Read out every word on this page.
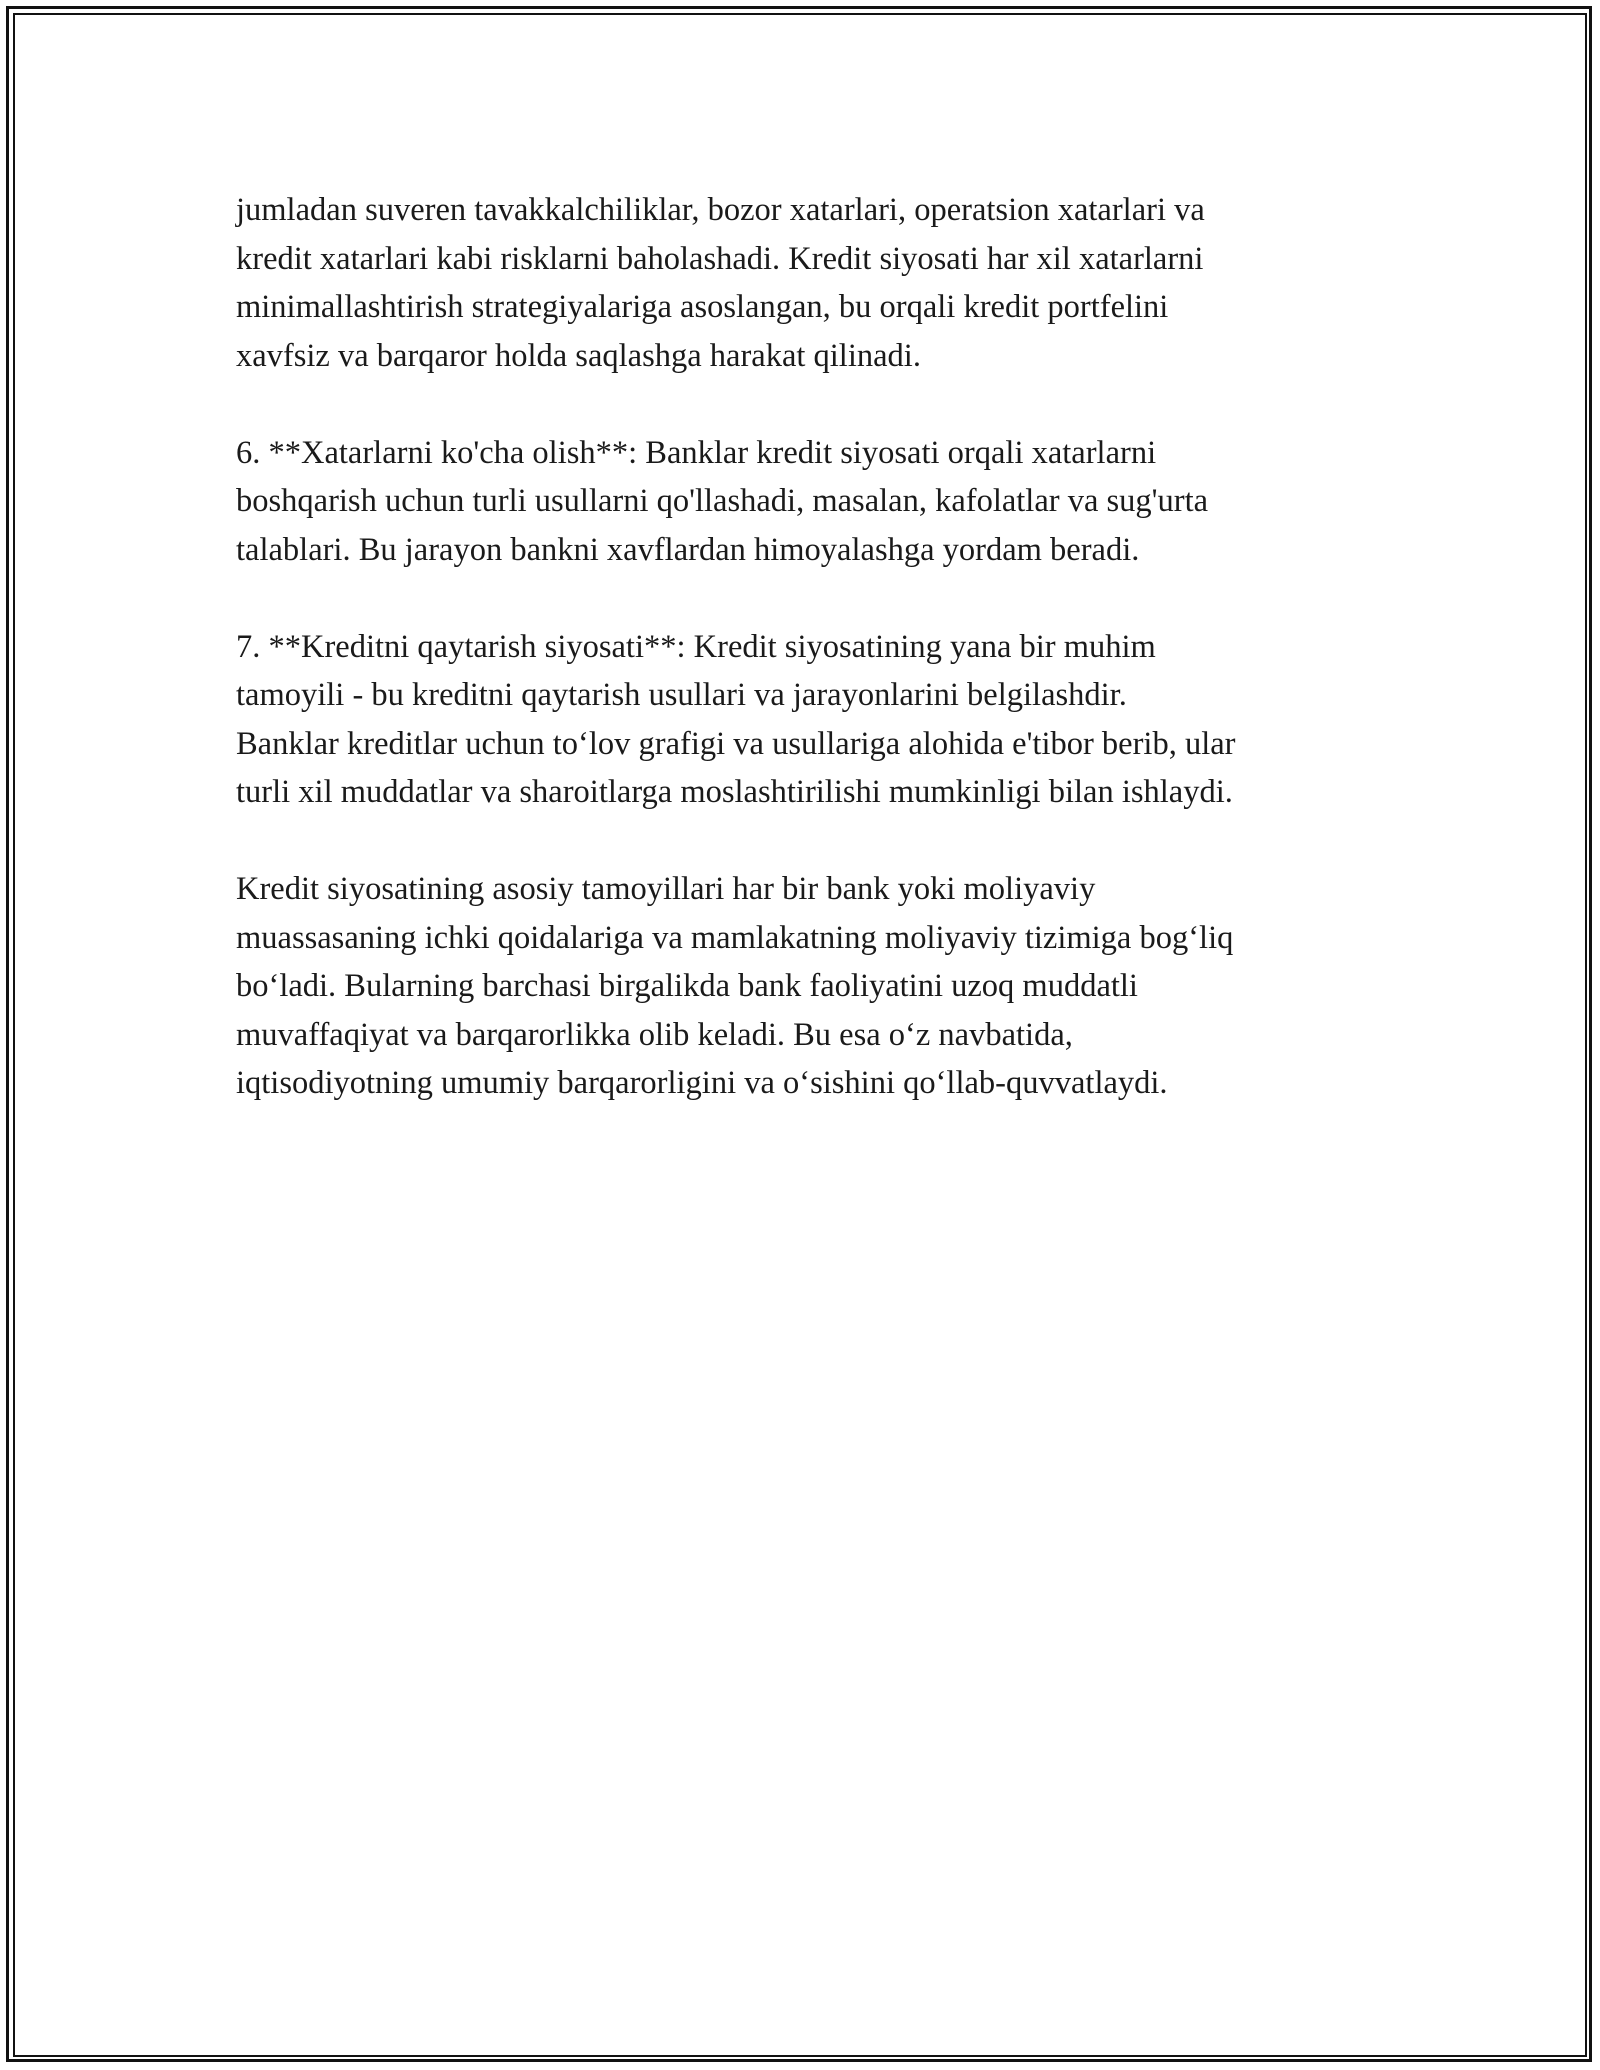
jumladan suveren tavakkalchiliklar, bozor xatarlari, operatsion xatarlari va
kredit xatarlari kabi risklarni baholashadi. Kredit siyosati har xil xatarlarni
minimallashtirish strategiyalariga asoslangan, bu orqali kredit portfelini
xavfsiz va barqaror holda saqlashga harakat qilinadi.

6. **Xatarlarni ko'cha olish**: Banklar kredit siyosati orqali xatarlarni
boshqarish uchun turli usullarni qo'llashadi, masalan, kafolatlar va sug'urta
talablari. Bu jarayon bankni xavflardan himoyalashga yordam beradi.

7. **Kreditni qaytarish siyosati**: Kredit siyosatining yana bir muhim
tamoyili - bu kreditni qaytarish usullari va jarayonlarini belgilashdir.
Banklar kreditlar uchun to‘lov grafigi va usullariga alohida e'tibor berib, ular
turli xil muddatlar va sharoitlarga moslashtirilishi mumkinligi bilan ishlaydi.

Kredit siyosatining asosiy tamoyillari har bir bank yoki moliyaviy
muassasaning ichki qoidalariga va mamlakatning moliyaviy tizimiga bog‘liq
bo‘ladi. Bularning barchasi birgalikda bank faoliyatini uzoq muddatli
muvaffaqiyat va barqarorlikka olib keladi. Bu esa o‘z navbatida,
iqtisodiyotning umumiy barqarorligini va o‘sishini qo‘llab-quvvatlaydi.
